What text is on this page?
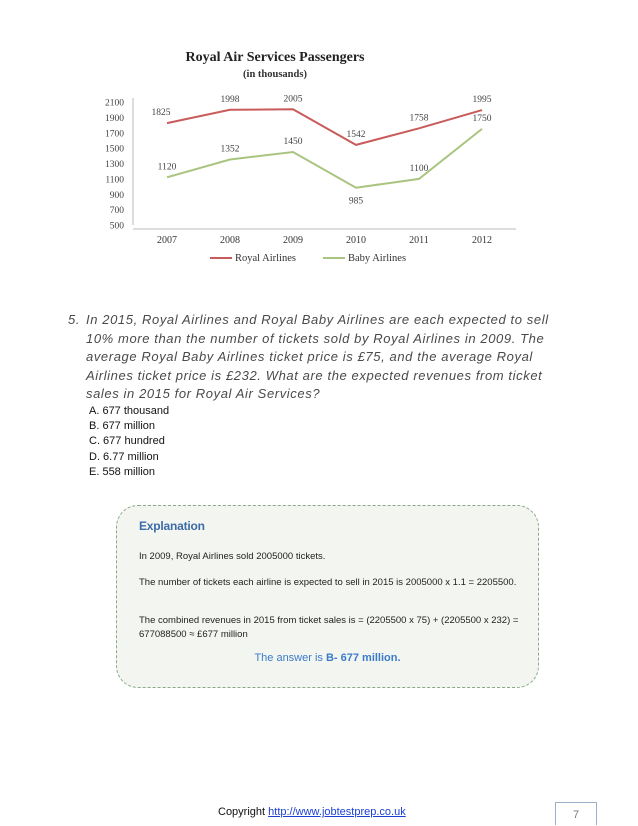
Royal Air Services Passengers
(in thousands)
2100
1900
1700
1500
1300
1100
900
700
500
2007	2008	2009	2010	2011	2012
1825
1998	2005
1542
1758
1995
1120
1352
1450
985
1100
1750
Royal Airlines	Baby Airlines
5. In 2015, Royal Airlines and Royal Baby Airlines are each expected to sell 10% more than the number of tickets sold by Royal Airlines in 2009. The average Royal Baby Airlines ticket price is £75, and the average Royal Airlines ticket price is £232. What are the expected revenues from ticket sales in 2015 for Royal Air Services?
A. 677 thousand
B. 677 million
C. 677 hundred
D. 6.77 million
E. 558 million
Explanation
In 2009, Royal Airlines sold 2005000 tickets.
The number of tickets each airline is expected to sell in 2015 is 2005000 x 1.1 = 2205500.
The combined revenues in 2015 from ticket sales is = (2205500 x 75) + (2205500 x 232) = 677088500 ≈ £677 million
The answer is B- 677 million.
Copyright http://www.jobtestprep.co.uk	7
